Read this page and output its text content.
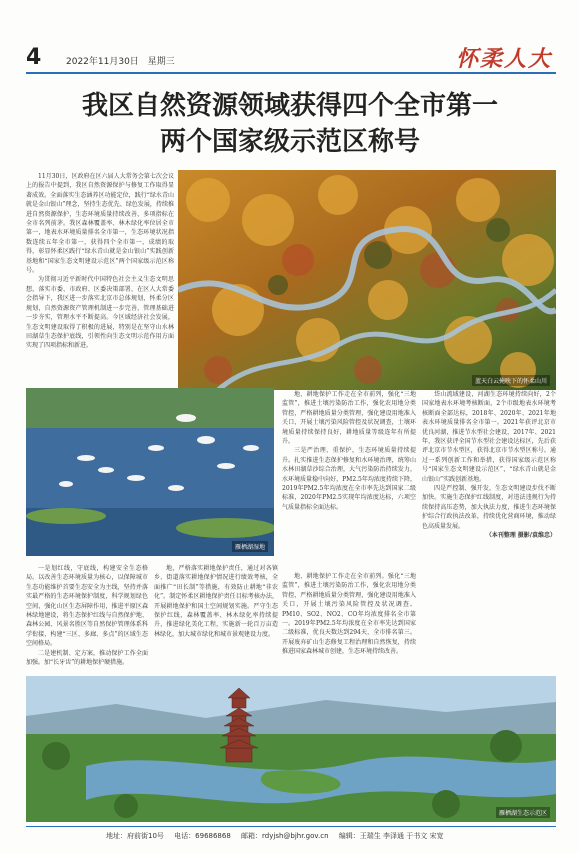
4	2022年11月30日 星期三	怀柔人大
我区自然资源领域获得四个全市第一
两个国家级示范区称号

11月30日，区政府在区六届人大常务会第七次会议上的报告中提到，我区自然资源保护与修复工作取得显著成效。全面落实生态涵养区功能定位，践行“绿水青山就是金山银山”理念，坚持生态优先、绿色发展，持续推进自然资源保护，生态环境质量持续改善，多项指标在全市名列前茅。我区森林覆盖率、林木绿化率位居全市第一，地表水环境质量排名全市第一，生态环境状况指数连续五年全市第一，获得四个全市第一，成绩的取得，彰显怀柔区践行“绿水青山就是金山银山”实践创新基地和“国家生态文明建设示范区”两个国家级示范区称号。

为贯彻习近平新时代中国特色社会主义生态文明思想，落实市委、市政府、区委决策部署，在区人大常委会指导下，我区进一步落实北京市总体规划，怀柔分区规划，自然资源资产管理机制进一步完善，管理基础进一步夯实，管理水平不断提高。今区域经济社会发展，生态文明建设取得了积极的进展，特别是在坚守山水林田湖草生态保护底线，引领性向生态文明示范作用方面实现了四项指标和新进。

蓝天白云掩映下的怀柔山川
雁栖湖湿地

地、耕地保护工作走在全市前列，强化“三地监管”，推进土壤污染防治工作，强化农用地分类管控，严格耕地质量分类管理，强化建设用地准入关口，开展土壤污染风险管控及状况调查，土壤环境质量持续保持良好，耕地质量等级连年有所提升。

三是严治理、重保护，生态环境质量持续提升。扎实推进生态保护修复和水环境治理，统筹山水林田湖草沙综合治理，大气污染防治持续发力，水环境质量稳中向好，PM2.5年均浓度持续下降，2019年PM2.5年均浓度在全市率先达到国家二级标准，2020年PM2.5实现年均浓度达标，六项空气质量指标全面达标。

岱山流域建设，河湖生态环境持续向好，2个国家地表水环境考核断面，2个市级地表水环境考核断面全部达标，2018年、2020年、2021年地表水环境质量排名全市第一。2021年获评北京市优良河湖，推进节水型社会建设，2017年、2021年，我区获评全国节水型社会建设达标区，先后获评北京市节水型区，获得北京市节水型区称号。通过一系列创新工作和举措，获得国家级示范区称号“国家生态文明建设示范区”，“绿水青山就是金山银山”实践创新基地。

四是严控制、强开发，生态文明建设步伐不断加快。实施生态保护红线制度，对违法违规行为持续保持高压态势，加大执法力度，推进生态环境保护综合行政执法改革，持续优化营商环境，推动绿色高质量发展。

（本刊整理 摄影/袁维忠）

一是划红线，守底线，构建安全生态格局。以改善生态环境质量为核心，以保障城市生态功能维护首要生态安全为主线，坚持并落实最严格的生态环境保护制度，科学规划绿色空间，强化山区生态屏障作用，推进平原区森林绿地建设，将生态保护红线与自然保护地、森林公园、风景名胜区等自然保护管理体系科学衔接，构建“三区、多廊、多点”的区域生态空间格局。

二是建机制、定方案，推动保护工作全面加强。加“长牙齿”的耕地保护硬措施。

地，严格落实耕地保护责任，通过对各镇乡、街道落实耕地保护情况进行绩效考核，全面推广“田长制”等措施，有效防止耕地“非农化”。制定怀柔区耕地保护责任目标考核办法，开展耕地保护和国土空间规划实施。严守生态保护红线，森林覆盖率、林木绿化率持续提升，推进绿化美化工程，实施新一轮百万亩造林绿化，加大城市绿化和城市景观建设力度。

地、耕地保护工作走在全市前列。强化“三地监管”，推进土壤污染防治工作，强化农用地分类管控，严格耕地质量分类管理，强化建设用地准入关口，开展土壤污染风险管控及状况调查。PM10、SO2、NO2、CO年均浓度排名全市第一。2019年PM2.5年均浓度在全市率先达到国家二级标准，优良天数达到294天，全市排名第三。开展废弃矿山生态修复工程治理和自然恢复，持续推进国家森林城市创建，生态环境持续改善。

雁栖湖生态示范区
地址：府前街10号 电话：69686868 邮箱：rdyjsh@bjhr.gov.cn 编辑：王瑞生 李泽通 于书文 宋宽
